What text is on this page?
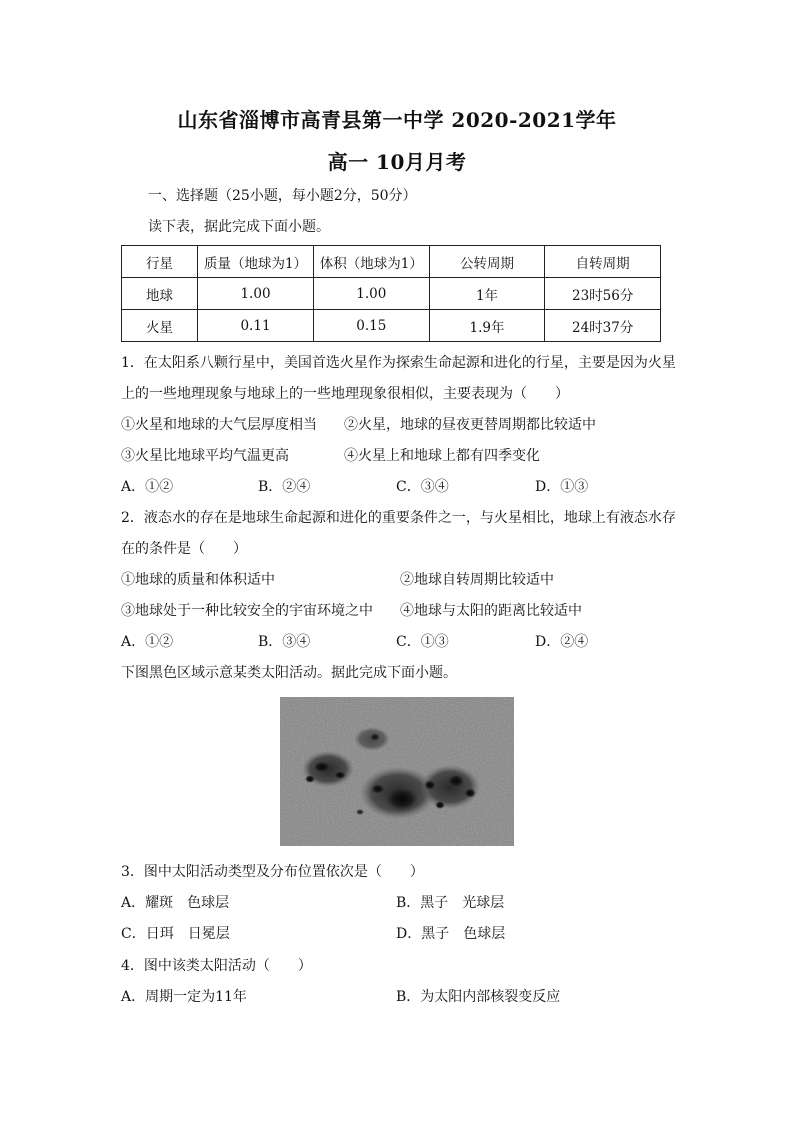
山东省淄博市高青县第一中学 2020-2021学年
高一 10月月考
一、选择题（25小题，每小题2分，50分）
读下表，据此完成下面小题。
行星	质量（地球为1）	体积（地球为1）	公转周期	自转周期
地球	1.00	1.00	1年	23时56分
火星	0.11	0.15	1.9年	24时37分
1．在太阳系八颗行星中，美国首选火星作为探索生命起源和进化的行星，主要是因为火星
上的一些地理现象与地球上的一些地理现象很相似，主要表现为（　　）
①火星和地球的大气层厚度相当 ②火星，地球的昼夜更替周期都比较适中
③火星比地球平均气温更高	④火星上和地球上都有四季变化
A．①②	B．②④	C．③④	D．①③
2．液态水的存在是地球生命起源和进化的重要条件之一，与火星相比，地球上有液态水存
在的条件是（　　）
①地球的质量和体积适中	②地球自转周期比较适中
③地球处于一种比较安全的宇宙环境之中 ④地球与太阳的距离比较适中
A．①②	B．③④	C．①③	D．②④
下图黑色区域示意某类太阳活动。据此完成下面小题。
3．图中太阳活动类型及分布位置依次是（　　）
A．耀斑　色球层	B．黑子　光球层
C．日珥　日冕层	D．黑子　色球层
4．图中该类太阳活动（　　）
A．周期一定为11年	B．为太阳内部核裂变反应
